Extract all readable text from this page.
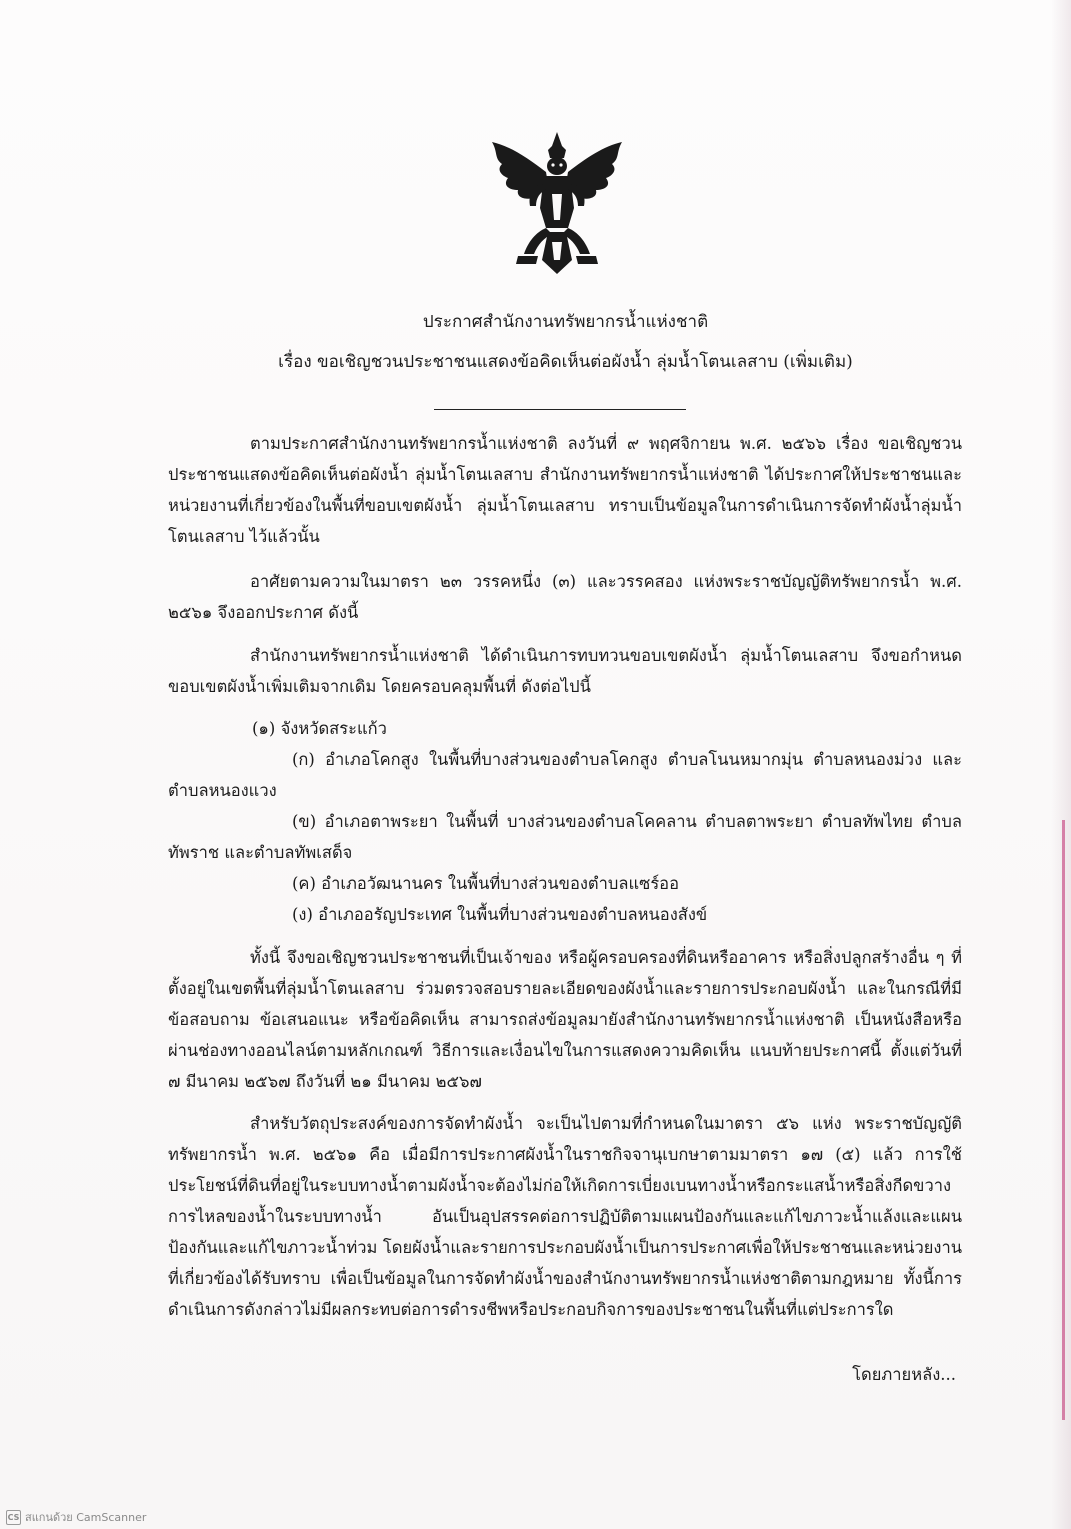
ประกาศสำนักงานทรัพยากรน้ำแห่งชาติ
เรื่อง ขอเชิญชวนประชาชนแสดงข้อคิดเห็นต่อผังน้ำ ลุ่มน้ำโตนเลสาบ (เพิ่มเติม)
ตามประกาศสำนักงานทรัพยากรน้ำแห่งชาติ ลงวันที่ ๙ พฤศจิกายน พ.ศ. ๒๕๖๖ เรื่อง ขอเชิญชวนประชาชนแสดงข้อคิดเห็นต่อผังน้ำ ลุ่มน้ำโตนเลสาบ สำนักงานทรัพยากรน้ำแห่งชาติ ได้ประกาศให้ประชาชนและหน่วยงานที่เกี่ยวข้องในพื้นที่ขอบเขตผังน้ำ ลุ่มน้ำโตนเลสาบ ทราบเป็นข้อมูลในการดำเนินการจัดทำผังน้ำลุ่มน้ำโตนเลสาบ ไว้แล้วนั้น
อาศัยตามความในมาตรา ๒๓ วรรคหนึ่ง (๓) และวรรคสอง แห่งพระราชบัญญัติทรัพยากรน้ำ พ.ศ. ๒๕๖๑ จึงออกประกาศ ดังนี้
สำนักงานทรัพยากรน้ำแห่งชาติ ได้ดำเนินการทบทวนขอบเขตผังน้ำ ลุ่มน้ำโตนเลสาบ จึงขอกำหนดขอบเขตผังน้ำเพิ่มเติมจากเดิม โดยครอบคลุมพื้นที่ ดังต่อไปนี้
(๑) จังหวัดสระแก้ว
(ก) อำเภอโคกสูง ในพื้นที่บางส่วนของตำบลโคกสูง ตำบลโนนหมากมุ่น ตำบลหนองม่วง และตำบลหนองแวง
(ข) อำเภอตาพระยา ในพื้นที่ บางส่วนของตำบลโคคลาน ตำบลตาพระยา ตำบลทัพไทย ตำบลทัพราช และตำบลทัพเสด็จ
(ค) อำเภอวัฒนานคร ในพื้นที่บางส่วนของตำบลแซร์ออ
(ง) อำเภออรัญประเทศ ในพื้นที่บางส่วนของตำบลหนองสังข์
ทั้งนี้ จึงขอเชิญชวนประชาชนที่เป็นเจ้าของ หรือผู้ครอบครองที่ดินหรืออาคาร หรือสิ่งปลูกสร้างอื่น ๆ ที่ตั้งอยู่ในเขตพื้นที่ลุ่มน้ำโตนเลสาบ ร่วมตรวจสอบรายละเอียดของผังน้ำและรายการประกอบผังน้ำ และในกรณีที่มีข้อสอบถาม ข้อเสนอแนะ หรือข้อคิดเห็น สามารถส่งข้อมูลมายังสำนักงานทรัพยากรน้ำแห่งชาติ เป็นหนังสือหรือผ่านช่องทางออนไลน์ตามหลักเกณฑ์ วิธีการและเงื่อนไขในการแสดงความคิดเห็น แนบท้ายประกาศนี้ ตั้งแต่วันที่ ๗ มีนาคม ๒๕๖๗ ถึงวันที่ ๒๑ มีนาคม ๒๕๖๗
สำหรับวัตถุประสงค์ของการจัดทำผังน้ำ จะเป็นไปตามที่กำหนดในมาตรา ๕๖ แห่ง พระราชบัญญัติทรัพยากรน้ำ พ.ศ. ๒๕๖๑ คือ เมื่อมีการประกาศผังน้ำในราชกิจจานุเบกษาตามมาตรา ๑๗ (๕) แล้ว การใช้ประโยชน์ที่ดินที่อยู่ในระบบทางน้ำตามผังน้ำจะต้องไม่ก่อให้เกิดการเบี่ยงเบนทางน้ำหรือกระแสน้ำหรือสิ่งกีดขวางการไหลของน้ำในระบบทางน้ำ อันเป็นอุปสรรคต่อการปฏิบัติตามแผนป้องกันและแก้ไขภาวะน้ำแล้งและแผนป้องกันและแก้ไขภาวะน้ำท่วม โดยผังน้ำและรายการประกอบผังน้ำเป็นการประกาศเพื่อให้ประชาชนและหน่วยงานที่เกี่ยวข้องได้รับทราบ เพื่อเป็นข้อมูลในการจัดทำผังน้ำของสำนักงานทรัพยากรน้ำแห่งชาติตามกฎหมาย ทั้งนี้การดำเนินการดังกล่าวไม่มีผลกระทบต่อการดำรงชีพหรือประกอบกิจการของประชาชนในพื้นที่แต่ประการใด
โดยภายหลัง...
CS สแกนด้วย CamScanner
